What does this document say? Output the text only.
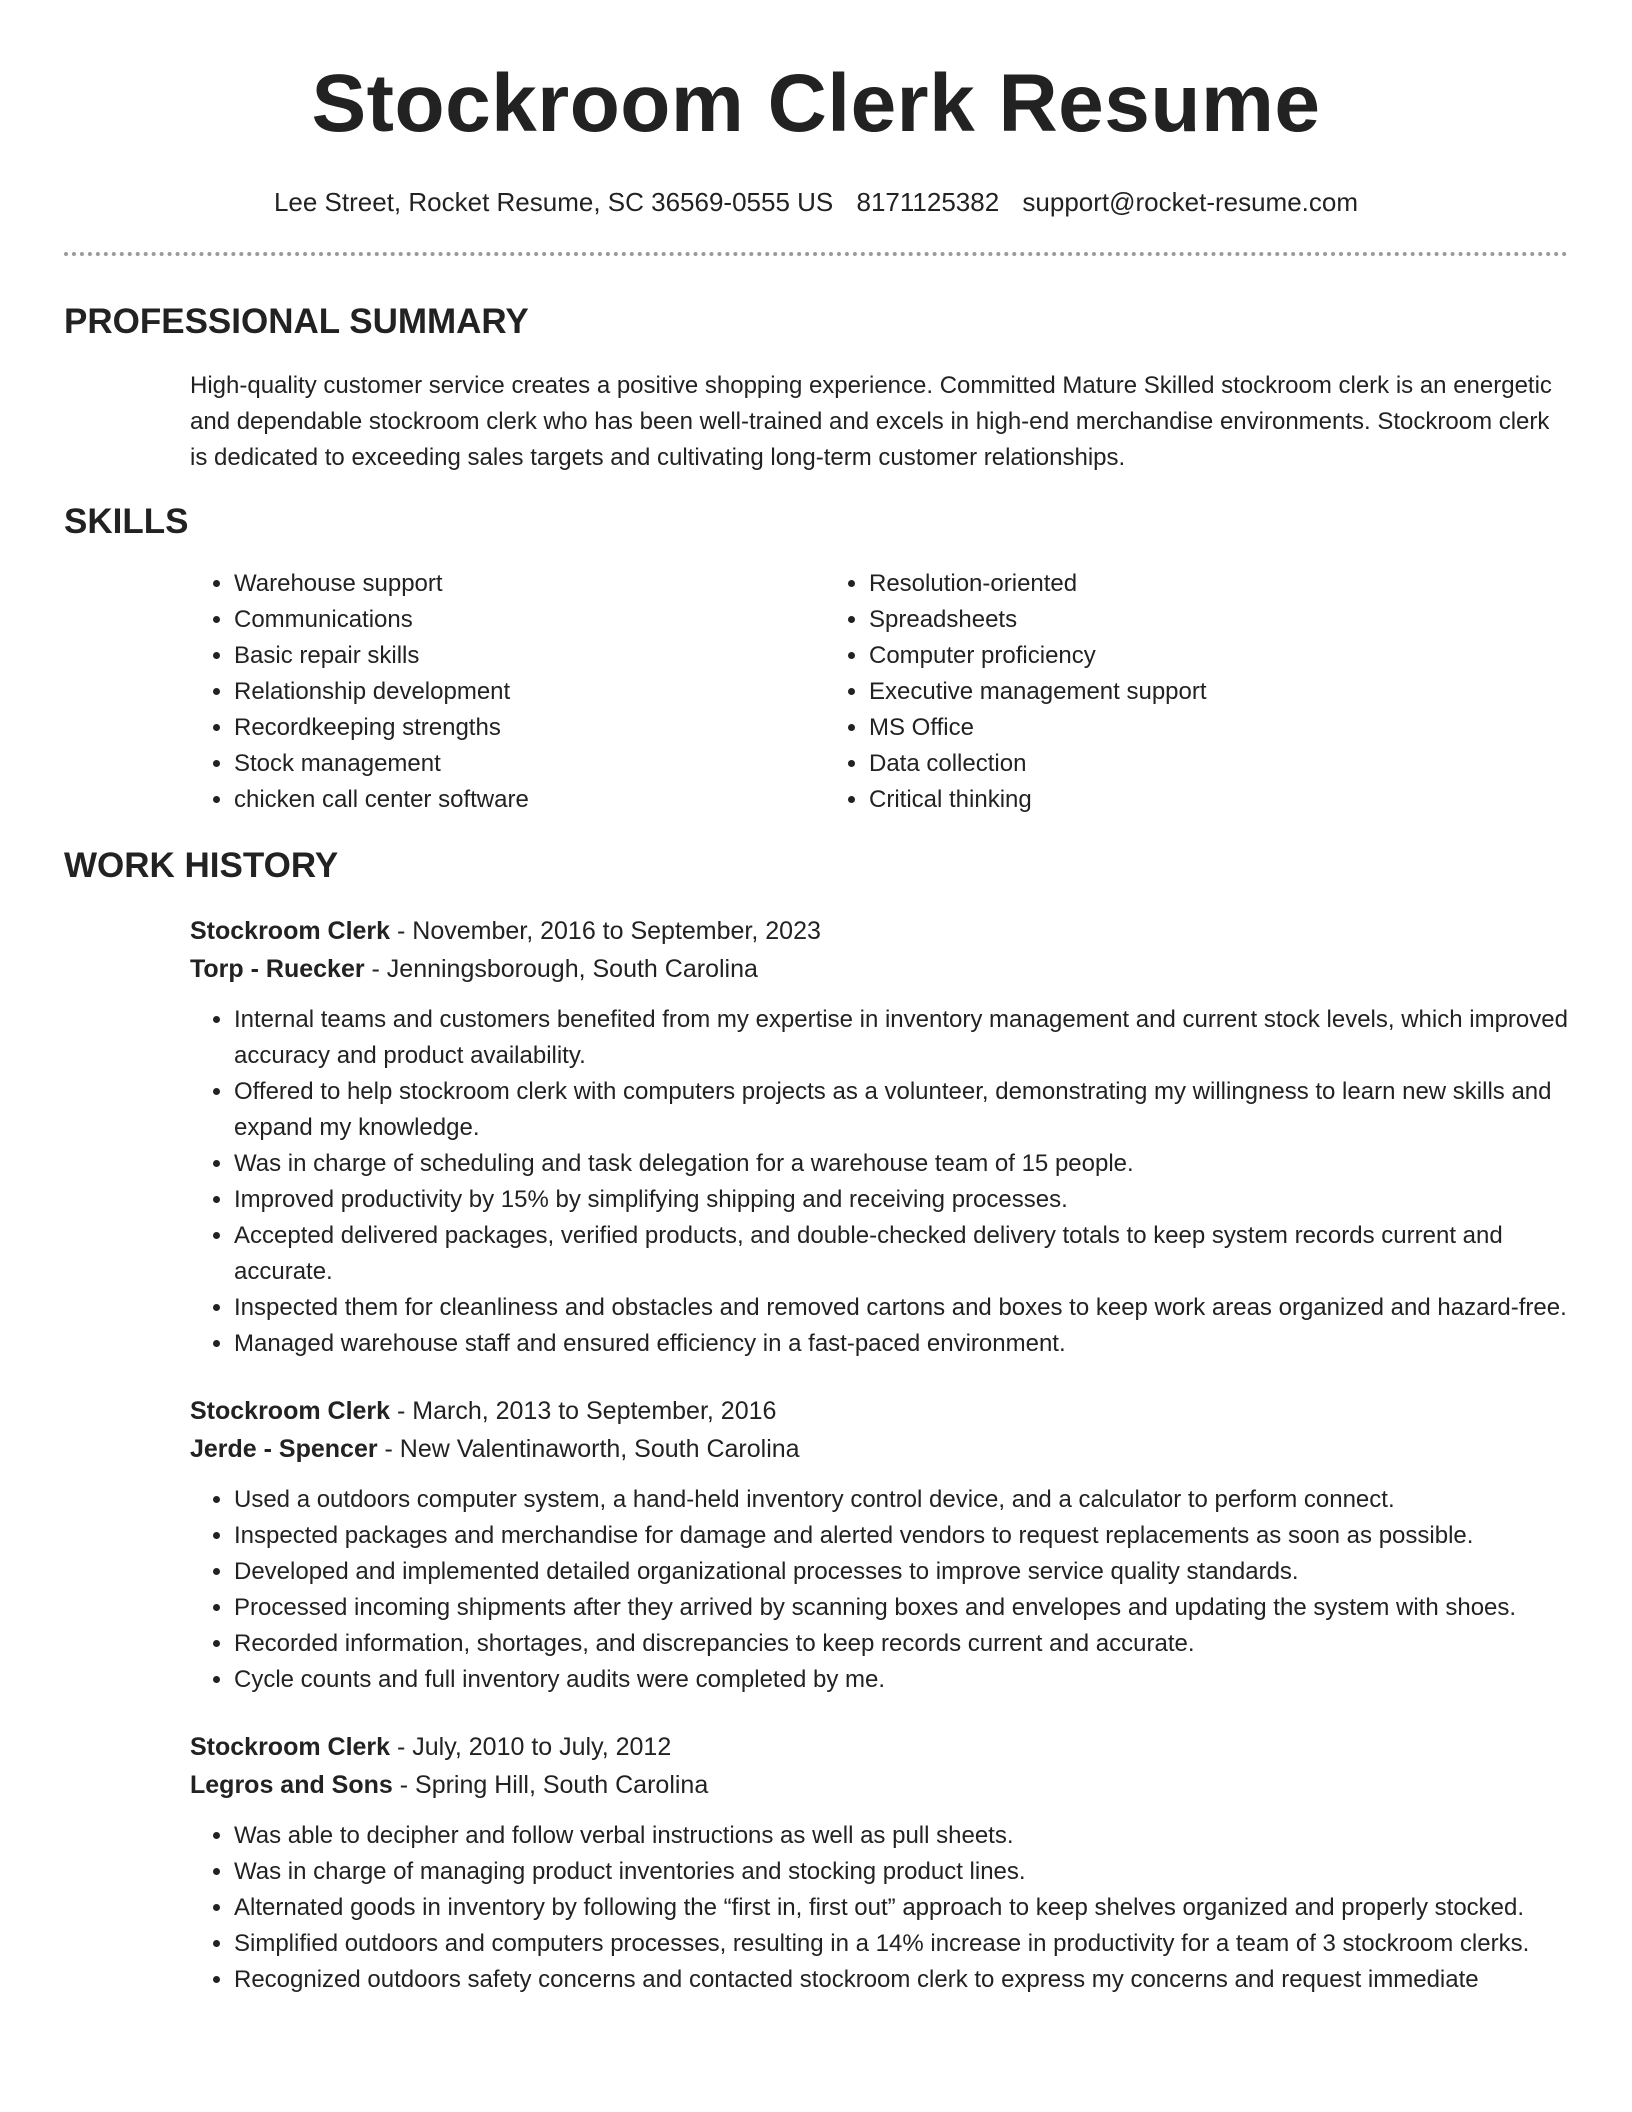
Stockroom Clerk Resume
Lee Street, Rocket Resume, SC 36569-0555 US 8171125382 support@rocket-resume.com
PROFESSIONAL SUMMARY

High-quality customer service creates a positive shopping experience. Committed Mature Skilled stockroom clerk is an energetic and dependable stockroom clerk who has been well-trained and excels in high-end merchandise environments. Stockroom clerk is dedicated to exceeding sales targets and cultivating long-term customer relationships.

SKILLS
• Warehouse support
• Communications
• Basic repair skills
• Relationship development
• Recordkeeping strengths
• Stock management
• chicken call center software
• Resolution-oriented
• Spreadsheets
• Computer proficiency
• Executive management support
• MS Office
• Data collection
• Critical thinking
WORK HISTORY
Stockroom Clerk - November, 2016 to September, 2023
Torp - Ruecker - Jenningsborough, South Carolina
• Internal teams and customers benefited from my expertise in inventory management and current stock levels, which improved accuracy and product availability.
• Offered to help stockroom clerk with computers projects as a volunteer, demonstrating my willingness to learn new skills and expand my knowledge.
• Was in charge of scheduling and task delegation for a warehouse team of 15 people.
• Improved productivity by 15% by simplifying shipping and receiving processes.
• Accepted delivered packages, verified products, and double-checked delivery totals to keep system records current and accurate.
• Inspected them for cleanliness and obstacles and removed cartons and boxes to keep work areas organized and hazard-free.
• Managed warehouse staff and ensured efficiency in a fast-paced environment.
Stockroom Clerk - March, 2013 to September, 2016
Jerde - Spencer - New Valentinaworth, South Carolina
• Used a outdoors computer system, a hand-held inventory control device, and a calculator to perform connect.
• Inspected packages and merchandise for damage and alerted vendors to request replacements as soon as possible.
• Developed and implemented detailed organizational processes to improve service quality standards.
• Processed incoming shipments after they arrived by scanning boxes and envelopes and updating the system with shoes.
• Recorded information, shortages, and discrepancies to keep records current and accurate.
• Cycle counts and full inventory audits were completed by me.
Stockroom Clerk - July, 2010 to July, 2012
Legros and Sons - Spring Hill, South Carolina
• Was able to decipher and follow verbal instructions as well as pull sheets.
• Was in charge of managing product inventories and stocking product lines.
• Alternated goods in inventory by following the “first in, first out” approach to keep shelves organized and properly stocked.
• Simplified outdoors and computers processes, resulting in a 14% increase in productivity for a team of 3 stockroom clerks.
• Recognized outdoors safety concerns and contacted stockroom clerk to express my concerns and request immediate
